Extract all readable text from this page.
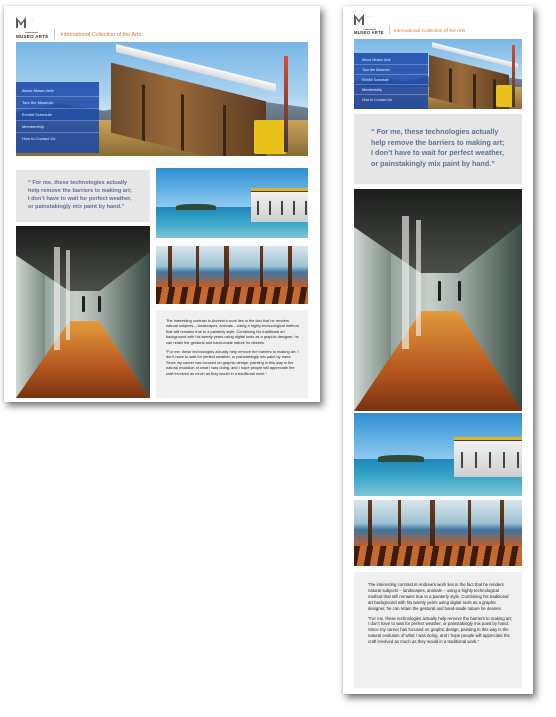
MUSEO ARTE International Collection of the Arts
About Museo Arte
Tour the Museum
Exhibit Schedule
Membership
How to Contact Us
“ For me, these technologies actually
help remove the barriers to making art;
I don’t have to wait for perfect weather,
or painstakingly mix paint by hand.”

The interesting contrast in Andrew’s work lies in the fact that he renders natural subjects – landscapes, animals – using a highly technological method that still remains true to a painterly style. Combining his traditional art background with his twenty years using digital tools as a graphic designer, he can retain the gestural and hand-made nature he desires.

“For me, these technologies actually help remove the barriers to making art; I don’t have to wait for perfect weather, or painstakingly mix paint by hand. Since my career has focused on graphic design, painting in this way is the natural evolution of what I was doing, and I hope people will appreciate the craft involved as much as they would in a traditional work.”

MUSEO ARTE International Collection of the Arts
About Museo Arte
Tour the Museum
Exhibit Schedule
Membership
How to Contact Us
“ For me, these technologies actually
help remove the barriers to making art;
I don’t have to wait for perfect weather,
or painstakingly mix paint by hand.”

The interesting contrast in Andrew’s work lies in the fact that he renders natural subjects – landscapes, animals – using a highly technological method that still remains true to a painterly style. Combining his traditional art background with his twenty years using digital tools as a graphic designer, he can retain the gestural and hand-made nature he desires.

“For me, these technologies actually help remove the barriers to making art; I don’t have to wait for perfect weather, or painstakingly mix paint by hand. Since my career has focused on graphic design, painting in this way is the natural evolution of what I was doing, and I hope people will appreciate the craft involved as much as they would in a traditional work.”
